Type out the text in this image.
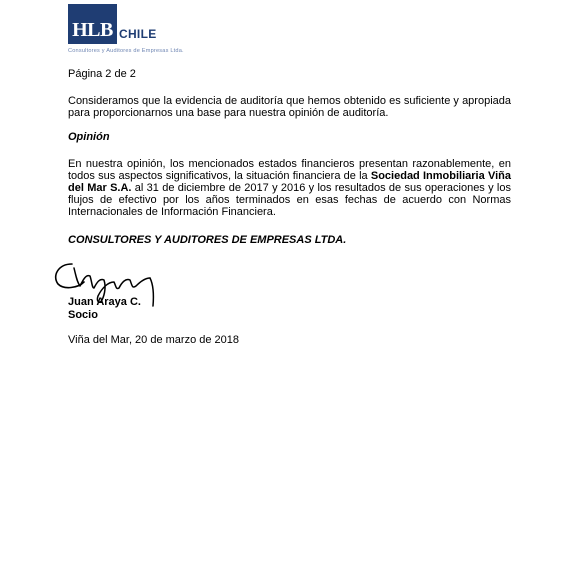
HLB CHILE
Consultores y Auditores de Empresas Ltda.

Página 2 de 2

Consideramos que la evidencia de auditoría que hemos obtenido es suficiente y apropiada para proporcionarnos una base para nuestra opinión de auditoría.

Opinión

En nuestra opinión, los mencionados estados financieros presentan razonablemente, en todos sus aspectos significativos, la situación financiera de la Sociedad Inmobiliaria Viña del Mar S.A. al 31 de diciembre de 2017 y 2016 y los resultados de sus operaciones y los flujos de efectivo por los años terminados en esas fechas de acuerdo con Normas Internacionales de Información Financiera.

CONSULTORES Y AUDITORES DE EMPRESAS LTDA.

Juan Araya C.
Socio

Viña del Mar, 20 de marzo de 2018
